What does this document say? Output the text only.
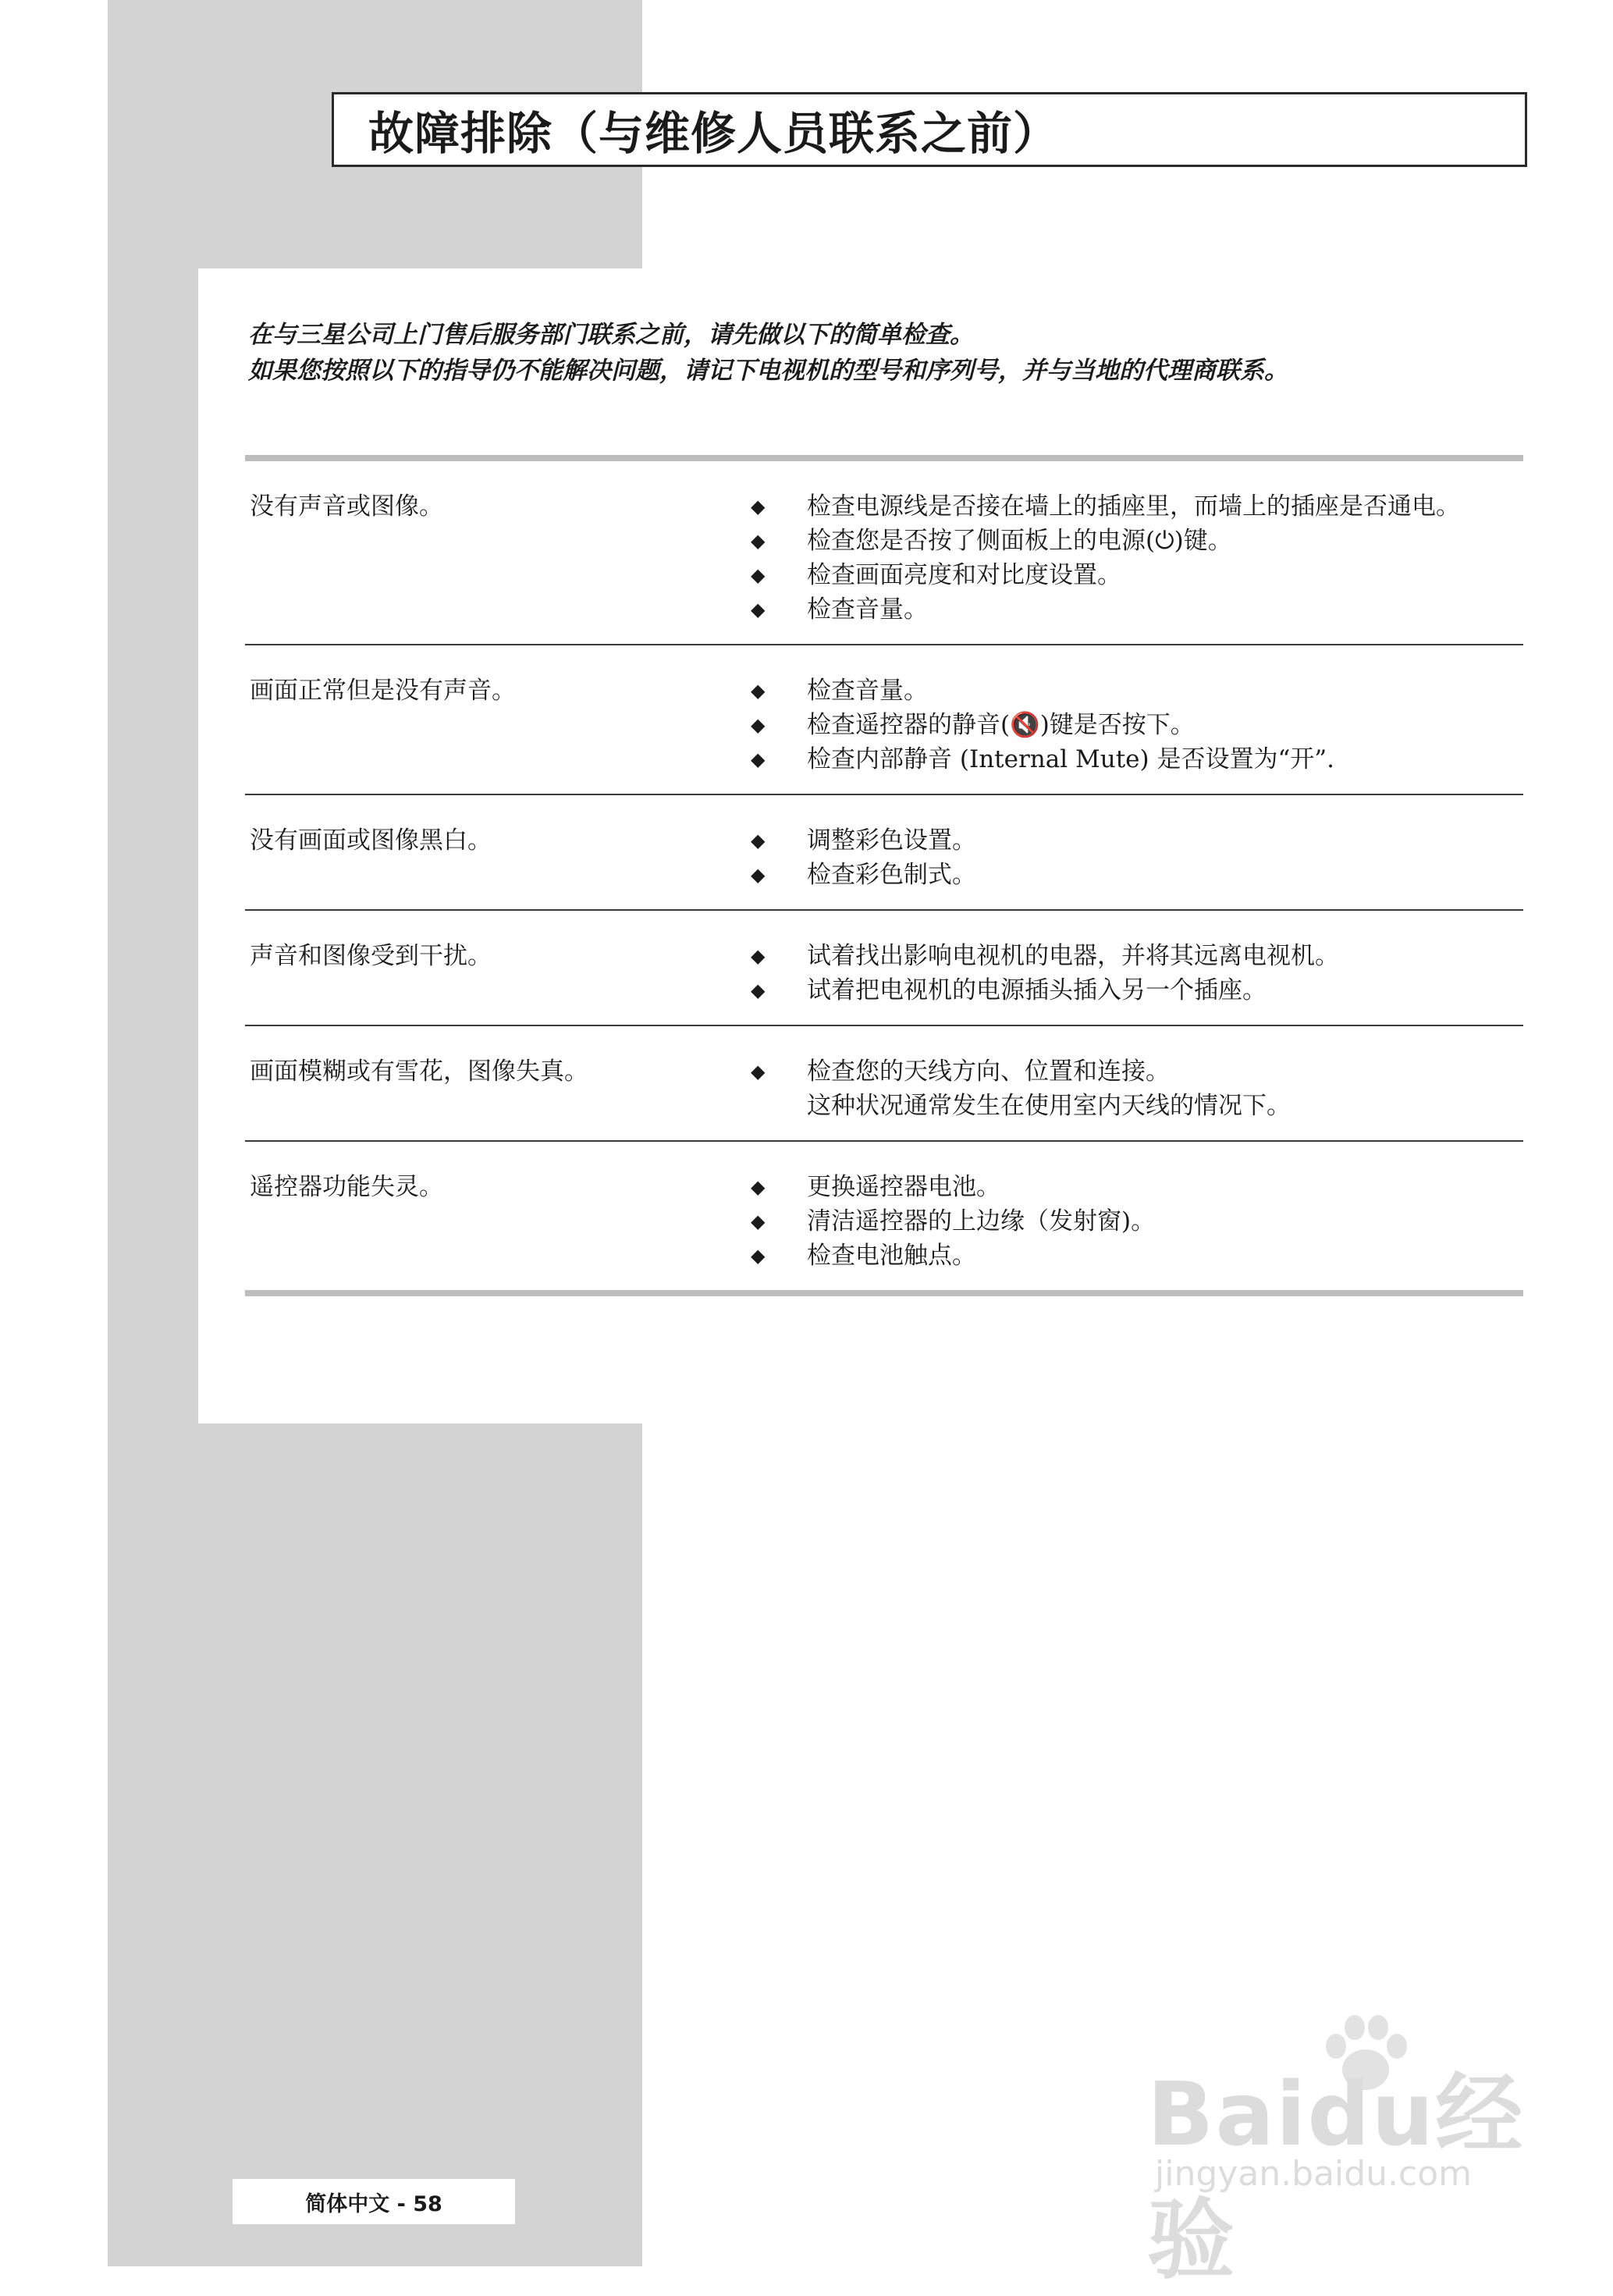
故障排除（与维修人员联系之前）
在与三星公司上门售后服务部门联系之前，请先做以下的简单检查。
如果您按照以下的指导仍不能解决问题，请记下电视机的型号和序列号，并与当地的代理商联系。
没有声音或图像。	◆	检查电源线是否接在墙上的插座里，而墙上的插座是否通电。
◆	检查您是否按了侧面板上的电源(⏻)键。
◆	检查画面亮度和对比度设置。
◆	检查音量。
画面正常但是没有声音。	◆	检查音量。
◆	检查遥控器的静音(🔇)键是否按下。
◆	检查内部静音 (Internal Mute) 是否设置为“开”.
没有画面或图像黑白。	◆	调整彩色设置。
◆	检查彩色制式。
声音和图像受到干扰。	◆	试着找出影响电视机的电器，并将其远离电视机。
◆	试着把电视机的电源插头插入另一个插座。
画面模糊或有雪花，图像失真。	◆	检查您的天线方向、位置和连接。
这种状况通常发生在使用室内天线的情况下。
遥控器功能失灵。	◆	更换遥控器电池。
◆	清洁遥控器的上边缘（发射窗)。
◆	检查电池触点。
Baidu经验
jingyan.baidu.com
简体中文 - 58
